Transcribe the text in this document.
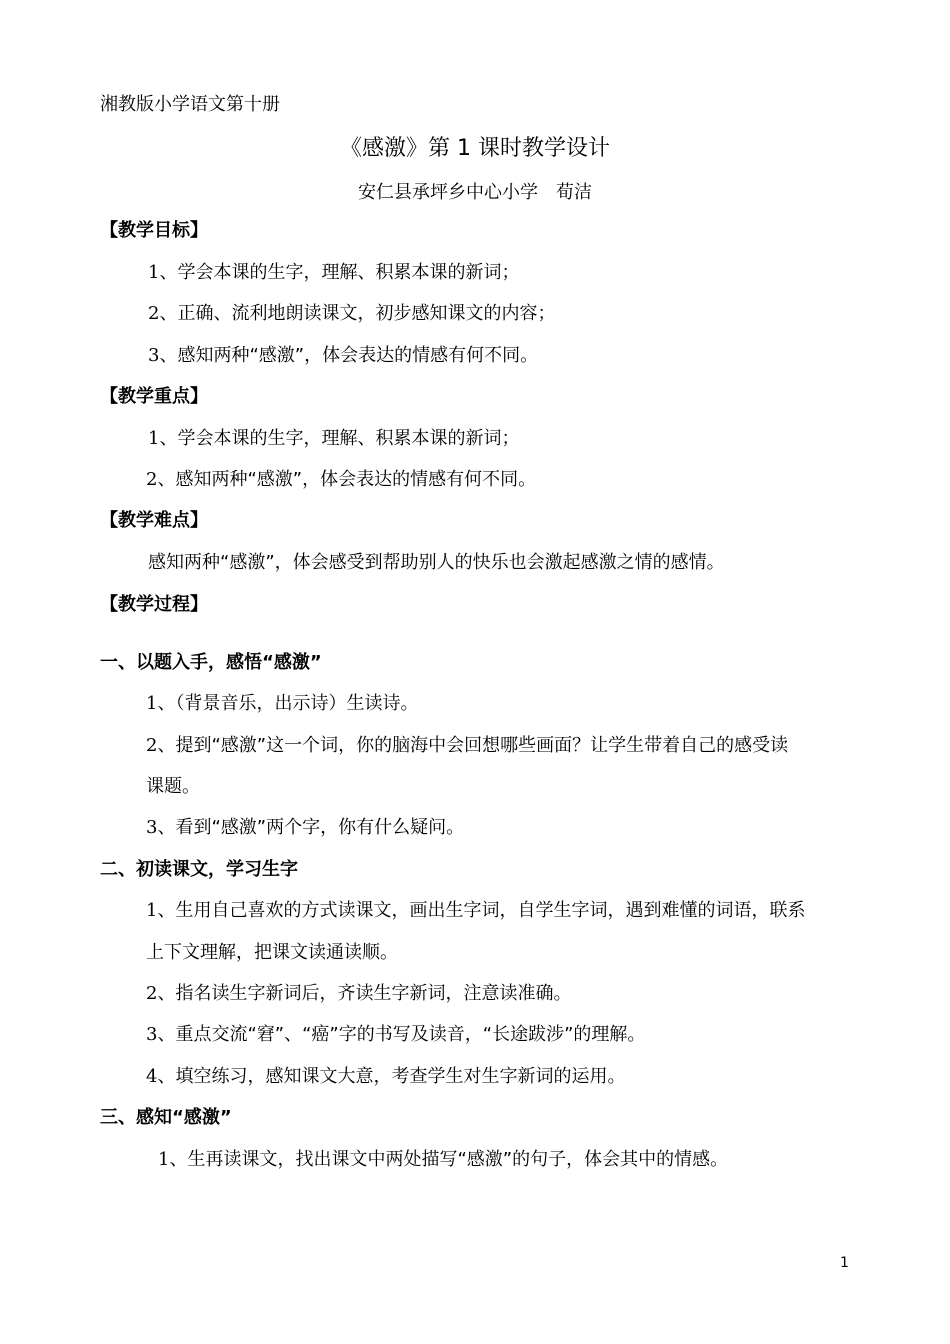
湘教版小学语文第十册
《感激》第 1 课时教学设计
安仁县承坪乡中心小学　荀洁
【教学目标】
1、学会本课的生字，理解、积累本课的新词；
2、正确、流利地朗读课文，初步感知课文的内容；
3、感知两种“感激”，体会表达的情感有何不同。
【教学重点】
1、学会本课的生字，理解、积累本课的新词；
2、感知两种“感激”，体会表达的情感有何不同。
【教学难点】
感知两种“感激”，体会感受到帮助别人的快乐也会激起感激之情的感情。
【教学过程】
一、以题入手，感悟“感激”
1、（背景音乐，出示诗）生读诗。
2、提到“感激”这一个词，你的脑海中会回想哪些画面？让学生带着自己的感受读
课题。
3、看到“感激”两个字，你有什么疑问。
二、初读课文，学习生字
1、生用自己喜欢的方式读课文，画出生字词，自学生字词，遇到难懂的词语，联系
上下文理解，把课文读通读顺。
2、指名读生字新词后，齐读生字新词，注意读准确。
3、重点交流“窘”、“癌”字的书写及读音，“长途跋涉”的理解。
4、填空练习，感知课文大意，考查学生对生字新词的运用。
三、感知“感激”
1、生再读课文，找出课文中两处描写“感激”的句子，体会其中的情感。
1
